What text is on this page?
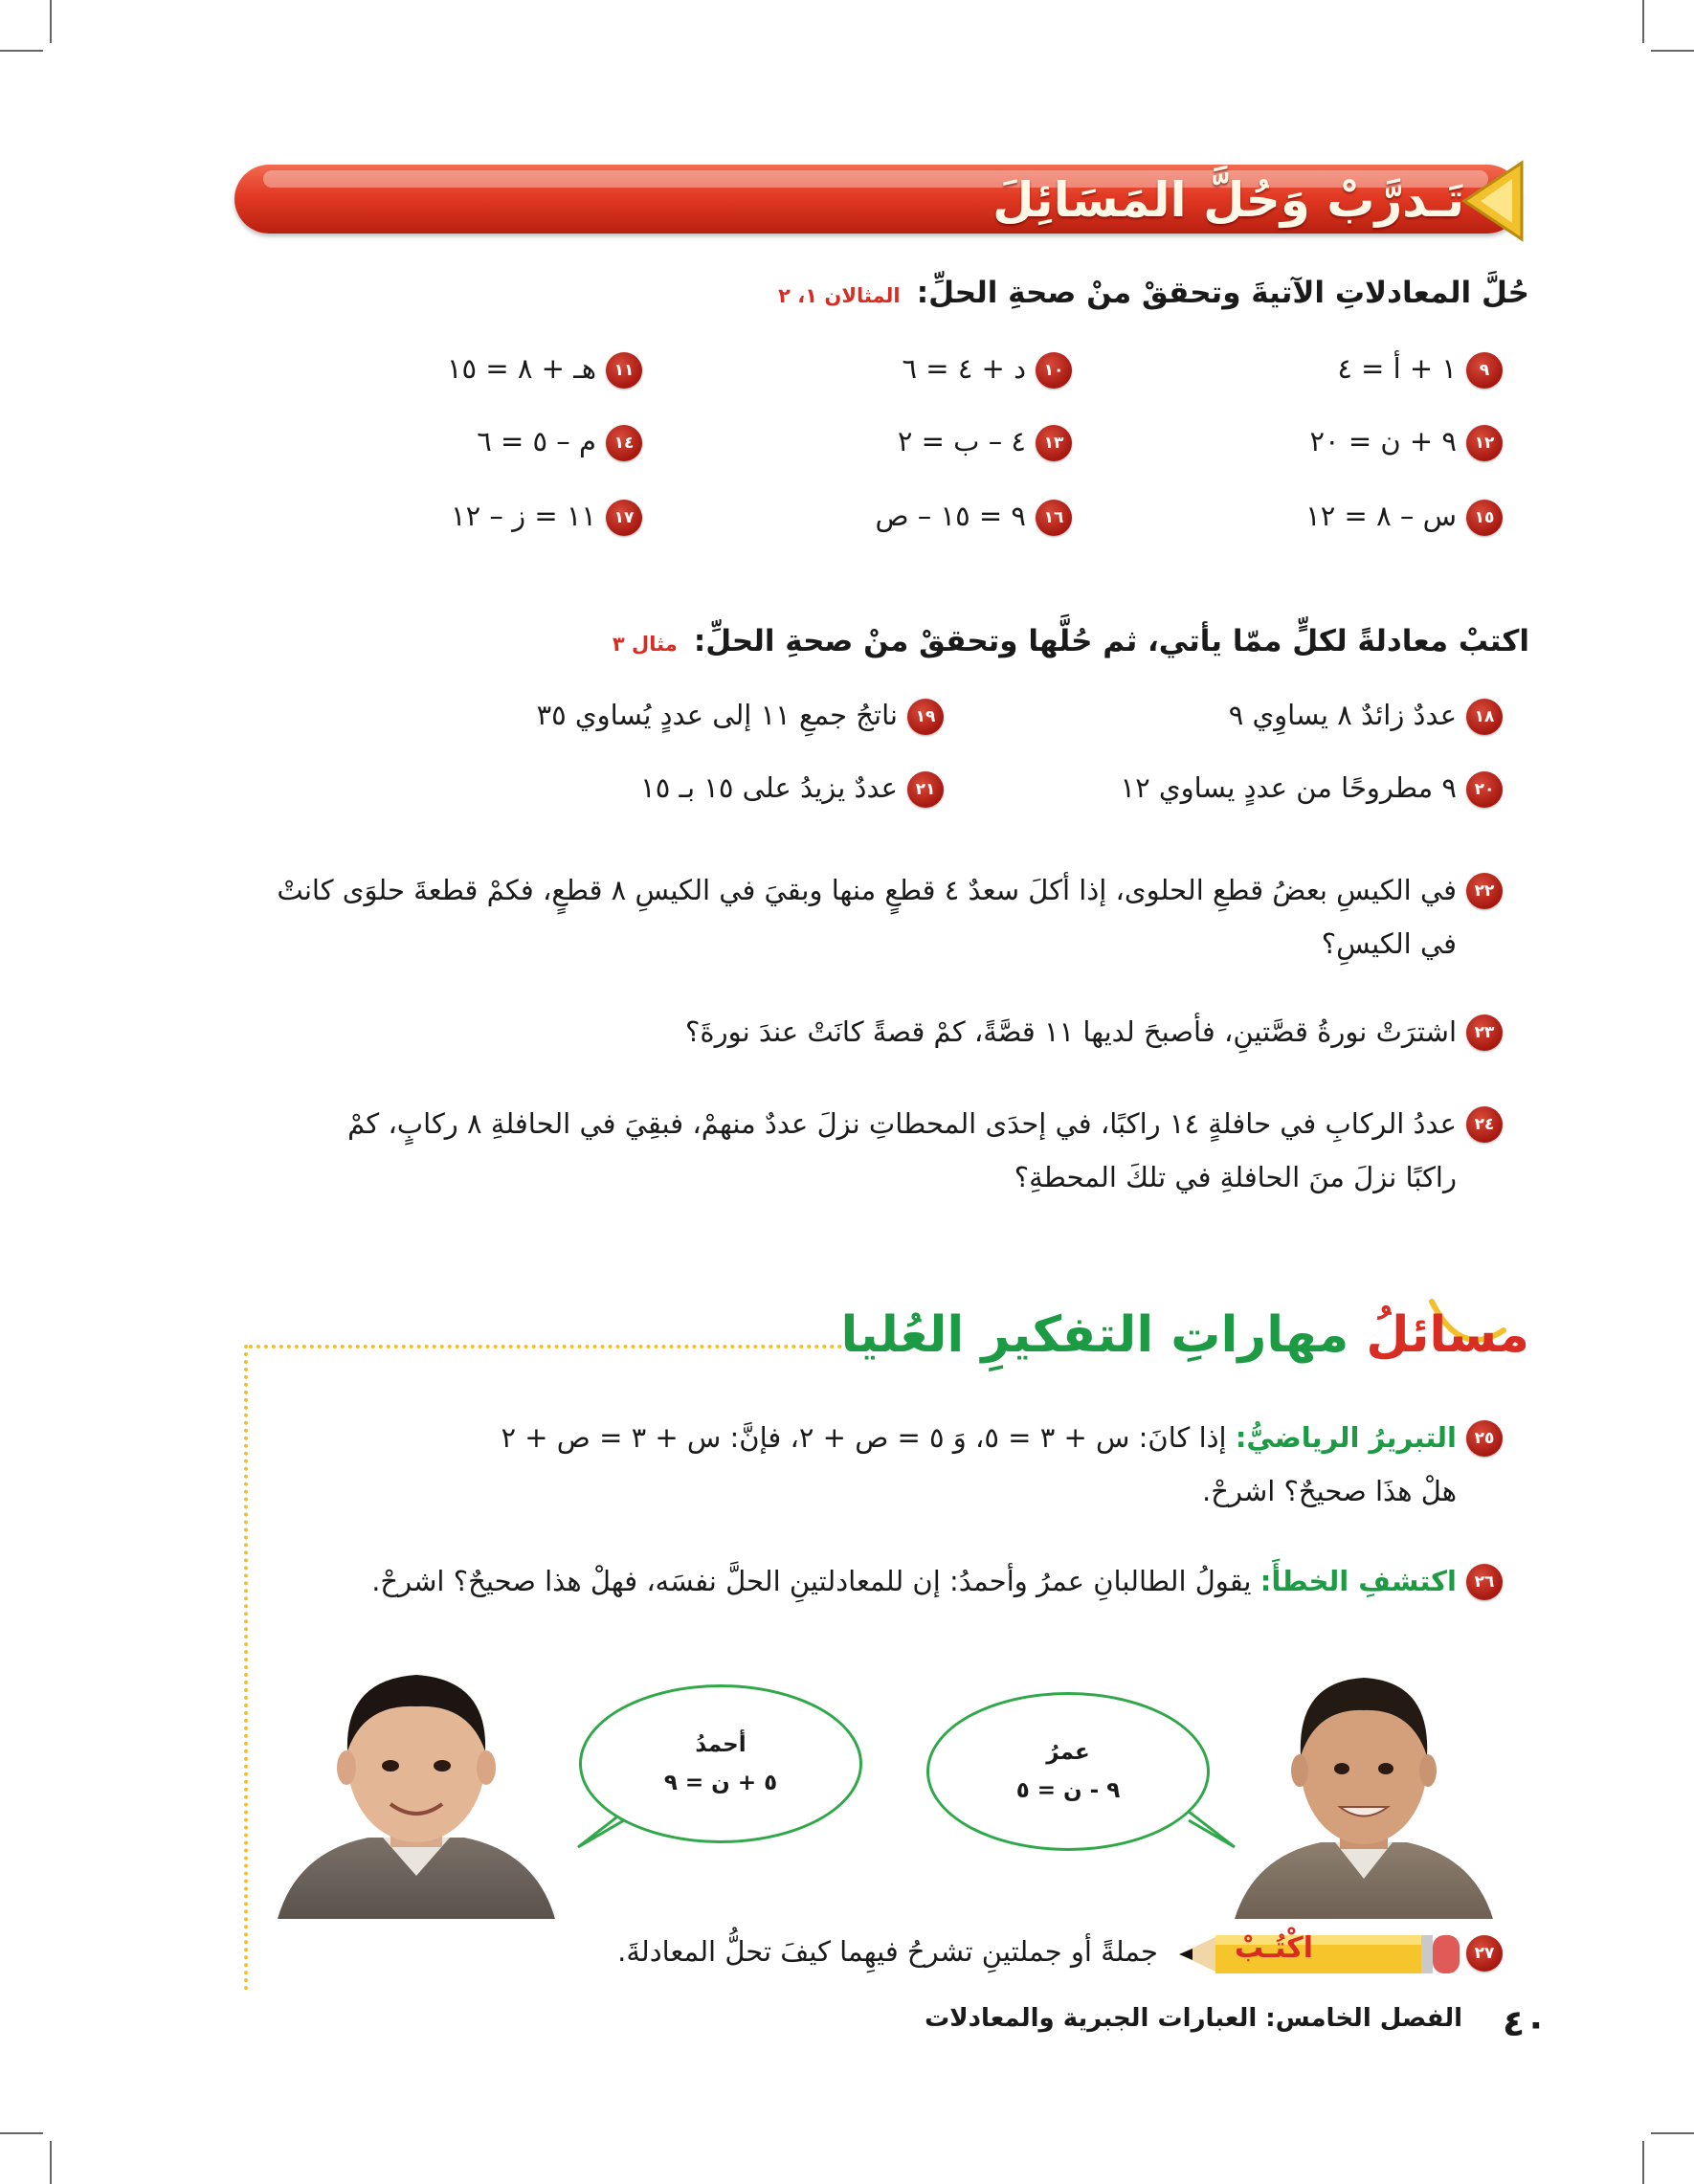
تَـدرَّبْ وَحُلَّ المَسَائِلَ
حُلَّ المعادلاتِ الآتيةَ وتحققْ منْ صحةِ الحلِّ: المثالان ١، ٢
٩
١ + أ = ٤
١٠
د + ٤ = ٦
١١
هـ + ٨ = ١٥
١٢
٩ + ن = ٢٠
١٣
٤ – ب = ٢
١٤
م – ٥ = ٦
١٥
س – ٨ = ١٢
١٦
٩ = ١٥ – ص
١٧
١١ = ز – ١٢
اكتبْ معادلةً لكلٍّ ممّا يأتي، ثم حُلَّها وتحققْ منْ صحةِ الحلِّ: مثال ٣
١٨
عددٌ زائدٌ ٨ يساوِي ٩
١٩
ناتجُ جمعِ ١١ إلى عددٍ يُساوي ٣٥
٢٠
٩ مطروحًا من عددٍ يساوي ١٢
٢١
عددٌ يزيدُ على ١٥ بـ ١٥
٢٢
في الكيسِ بعضُ قطعِ الحلوى، إذا أكلَ سعدٌ ٤ قطعٍ منها وبقيَ في الكيسِ ٨ قطعٍ، فكمْ قطعةَ حلوَى كانتْ في الكيسِ؟
٢٣
اشترَتْ نورةُ قصَّتينِ، فأصبحَ لديها ١١ قصَّةً، كمْ قصةً كانَتْ عندَ نورةَ؟
٢٤
عددُ الركابِ في حافلةٍ ١٤ راكبًا، في إحدَى المحطاتِ نزلَ عددٌ منهمْ، فبقِيَ في الحافلةِ ٨ ركابٍ، كمْ راكبًا نزلَ منَ الحافلةِ في تلكَ المحطةِ؟
مسائلُ مهاراتِ التفكيرِ العُليا
٢٥
التبريرُ الرياضيُّ: إذا كانَ: س + ٣ = ٥، وَ ٥ = ص + ٢، فإنَّ: س + ٣ = ص + ٢ هلْ هذَا صحيحٌ؟ اشرحْ.
٢٦
اكتشفِ الخطأَ: يقولُ الطالبانِ عمرُ وأحمدُ: إن للمعادلتينِ الحلَّ نفسَه، فهلْ هذا صحيحٌ؟ اشرحْ.
أحمدُ
٥ + ن = ٩
عمرُ
٩ - ن = ٥
٢٧
اكْتُـبْ
جملةً أو جملتينِ تشرحُ فيهِما كيفَ تحلُّ المعادلةَ.
٤٠
الفصل الخامس: العبارات الجبرية والمعادلات
